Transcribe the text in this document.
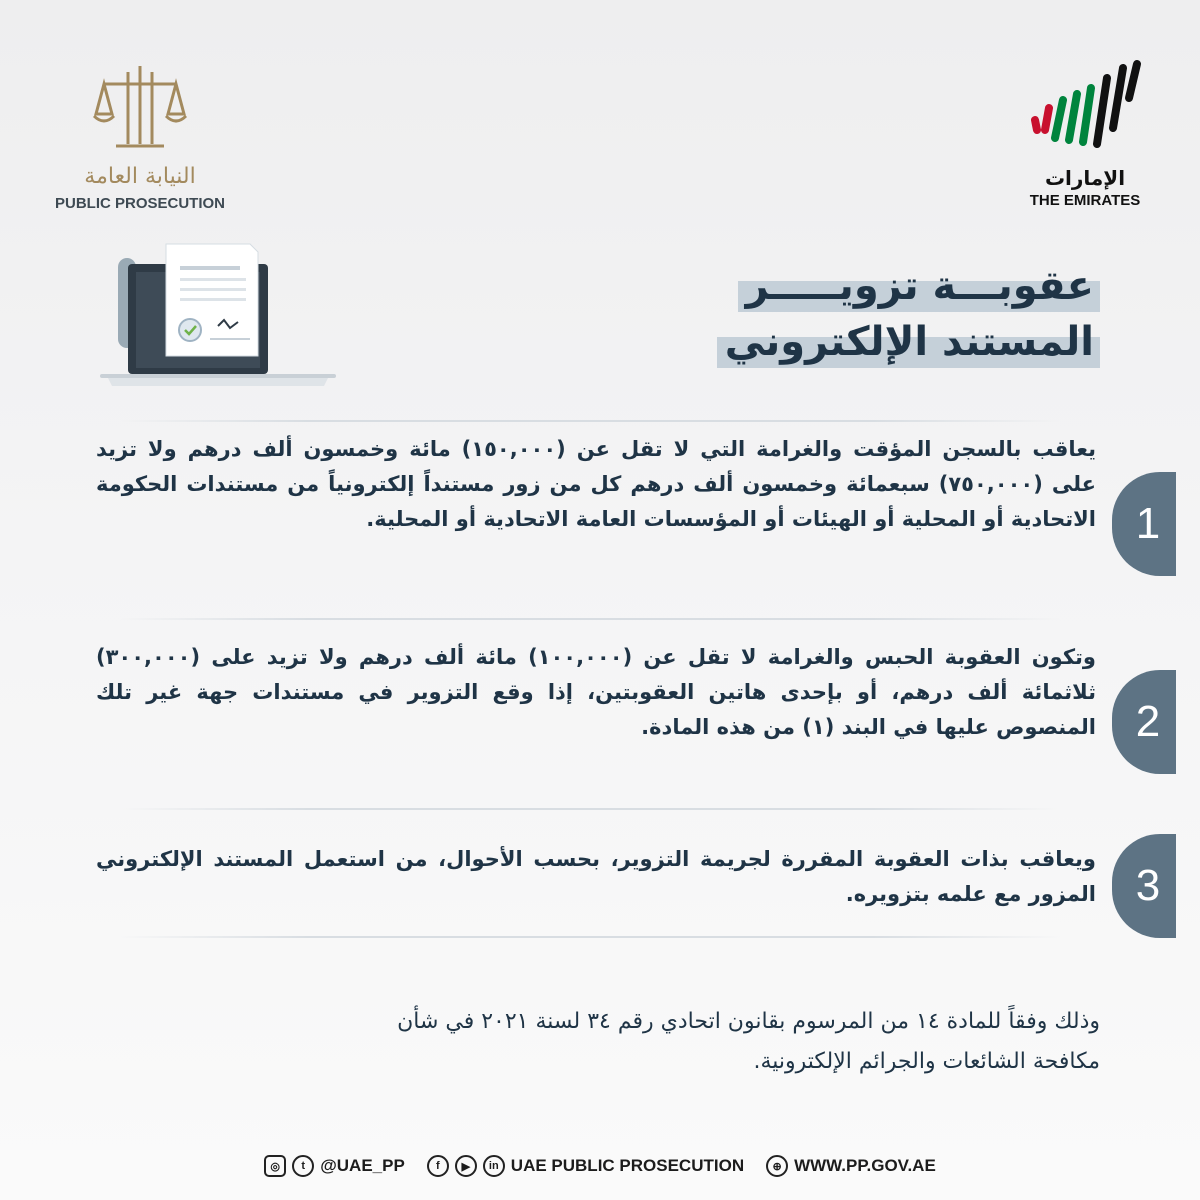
النيابة العامة
PUBLIC PROSECUTION
الإمارات
THE EMIRATES
عقوبـــة تزويـــــر
المستند الإلكتروني
يعاقب بالسجن المؤقت والغرامة التي لا تقل عن (١٥٠,٠٠٠) مائة وخمسون ألف درهم ولا تزيد على (٧٥٠,٠٠٠) سبعمائة وخمسون ألف درهم كل من زور مستنداً إلكترونياً من مستندات الحكومة الاتحادية أو المحلية أو الهيئات أو المؤسسات العامة الاتحادية أو المحلية. 1
وتكون العقوبة الحبس والغرامة لا تقل عن (١٠٠,٠٠٠) مائة ألف درهم ولا تزيد على (٣٠٠,٠٠٠) ثلاثمائة ألف درهم، أو بإحدى هاتين العقوبتين، إذا وقع التزوير في مستندات جهة غير تلك المنصوص عليها في البند (١) من هذه المادة. 2
ويعاقب بذات العقوبة المقررة لجريمة التزوير، بحسب الأحوال، من استعمل المستند الإلكتروني المزور مع علمه بتزويره. 3
وذلك وفقاً للمادة ١٤ من المرسوم بقانون اتحادي رقم ٣٤ لسنة ٢٠٢١ في شأن مكافحة الشائعات والجرائم الإلكترونية.
◎	t @UAE_PP	f	▶	in UAE PUBLIC PROSECUTION	⊕ WWW.PP.GOV.AE
